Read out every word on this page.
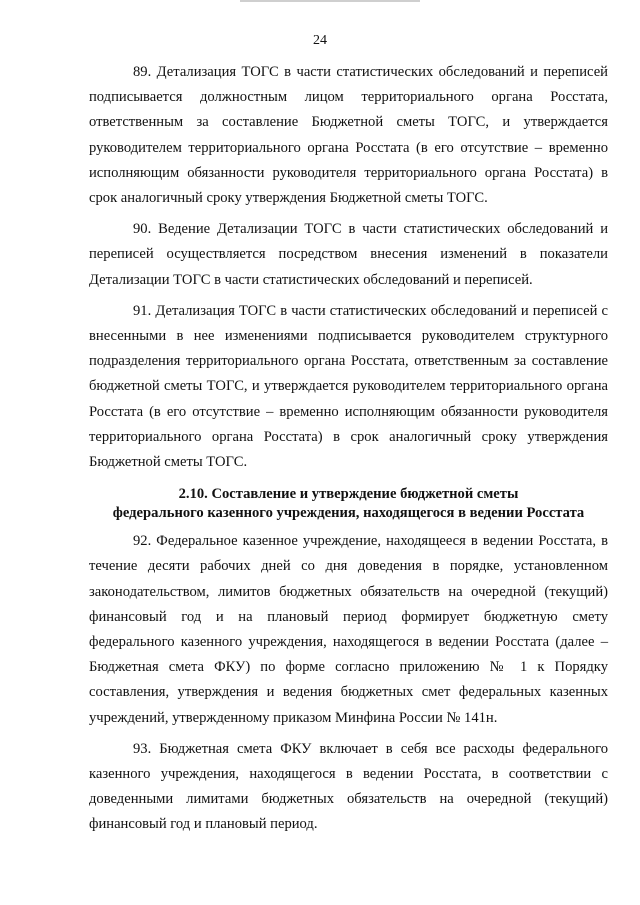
24

89. Детализация ТОГС в части статистических обследований и переписей подписывается должностным лицом территориального органа Росстата, ответственным за составление Бюджетной сметы ТОГС, и утверждается руководителем территориального органа Росстата (в его отсутствие – временно исполняющим обязанности руководителя территориального органа Росстата) в срок аналогичный сроку утверждения Бюджетной сметы ТОГС.

90. Ведение Детализации ТОГС в части статистических обследований и переписей осуществляется посредством внесения изменений в показатели Детализации ТОГС в части статистических обследований и переписей.

91. Детализация ТОГС в части статистических обследований и переписей с внесенными в нее изменениями подписывается руководителем структурного подразделения территориального органа Росстата, ответственным за составление бюджетной сметы ТОГС, и утверждается руководителем территориального органа Росстата (в его отсутствие – временно исполняющим обязанности руководителя территориального органа Росстата) в срок аналогичный сроку утверждения Бюджетной сметы ТОГС.

2.10. Составление и утверждение бюджетной сметы
федерального казенного учреждения, находящегося в ведении Росстата

92. Федеральное казенное учреждение, находящееся в ведении Росстата, в течение десяти рабочих дней со дня доведения в порядке, установленном законодательством, лимитов бюджетных обязательств на очередной (текущий) финансовый год и на плановый период формирует бюджетную смету федерального казенного учреждения, находящегося в ведении Росстата (далее – Бюджетная смета ФКУ) по форме согласно приложению № 1 к Порядку составления, утверждения и ведения бюджетных смет федеральных казенных учреждений, утвержденному приказом Минфина России № 141н.

93. Бюджетная смета ФКУ включает в себя все расходы федерального казенного учреждения, находящегося в ведении Росстата, в соответствии с доведенными лимитами бюджетных обязательств на очередной (текущий) финансовый год и плановый период.
